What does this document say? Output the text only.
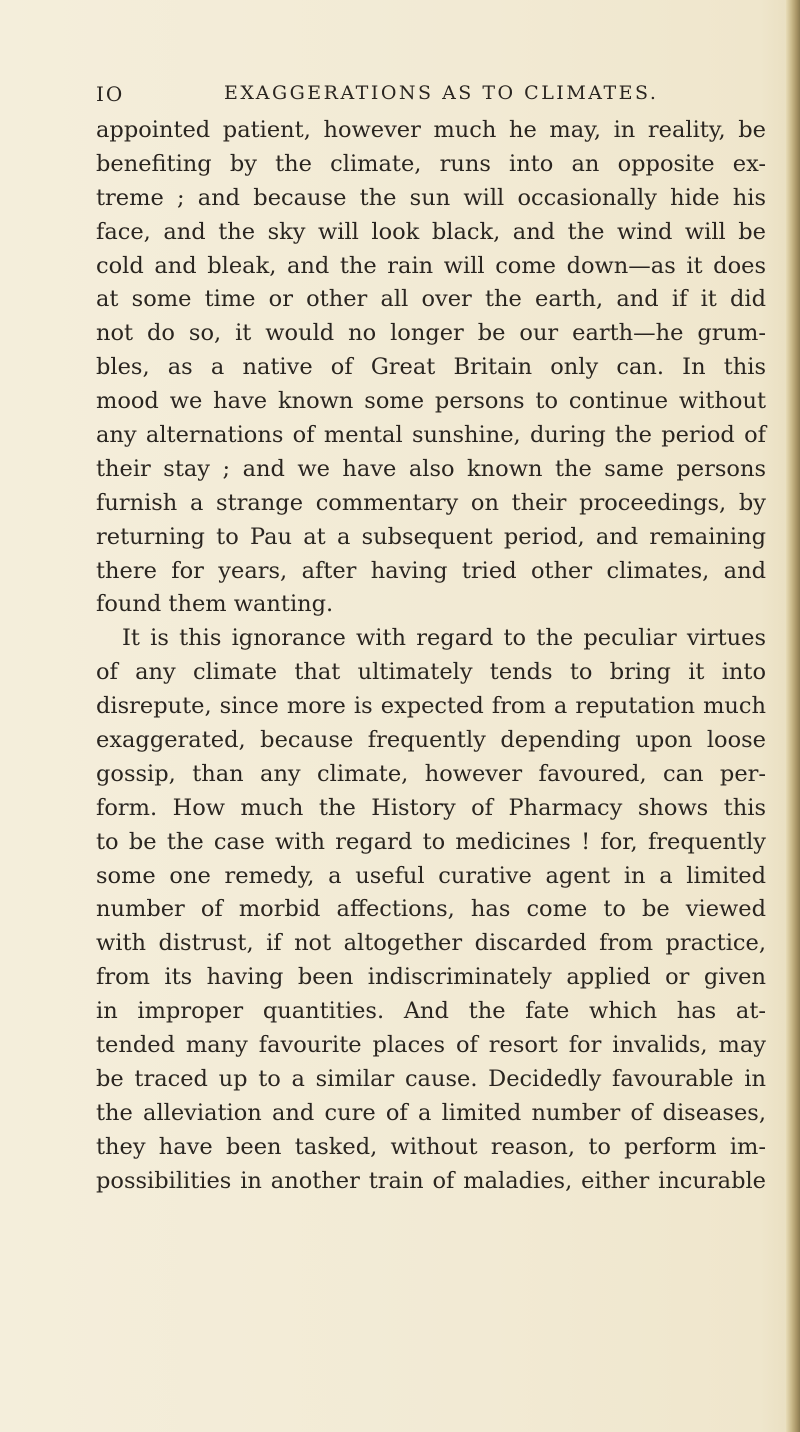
IO	EXAGGERATIONS AS TO CLIMATES.
appointed patient, however much he may, in reality, be
benefiting by the climate, runs into an opposite ex-
treme ; and because the sun will occasionally hide his
face, and the sky will look black, and the wind will be
cold and bleak, and the rain will come down—as it does
at some time or other all over the earth, and if it did
not do so, it would no longer be our earth—he grum-
bles, as a native of Great Britain only can. In this
mood we have known some persons to continue without
any alternations of mental sunshine, during the period of
their stay ; and we have also known the same persons
furnish a strange commentary on their proceedings, by
returning to Pau at a subsequent period, and remaining
there for years, after having tried other climates, and
found them wanting.
It is this ignorance with regard to the peculiar virtues
of any climate that ultimately tends to bring it into
disrepute, since more is expected from a reputation much
exaggerated, because frequently depending upon loose
gossip, than any climate, however favoured, can per-
form. How much the History of Pharmacy shows this
to be the case with regard to medicines ! for, frequently
some one remedy, a useful curative agent in a limited
number of morbid affections, has come to be viewed
with distrust, if not altogether discarded from practice,
from its having been indiscriminately applied or given
in improper quantities. And the fate which has at-
tended many favourite places of resort for invalids, may
be traced up to a similar cause. Decidedly favourable in
the alleviation and cure of a limited number of diseases,
they have been tasked, without reason, to perform im-
possibilities in another train of maladies, either incurable
